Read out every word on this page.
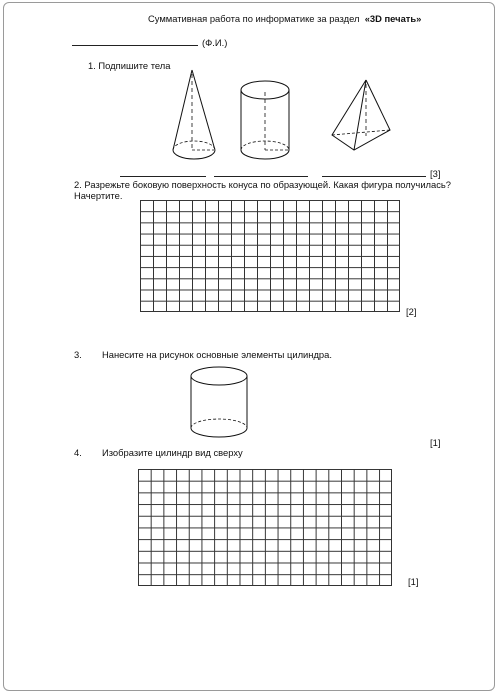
Суммативная работа по информатике за раздел «3D печать»
(Ф.И.)
1. Подпишите тела
[3]
2. Разрежьте боковую поверхность конуса по образующей. Какая фигура получилась?
Начертите.
[2]
3. Нанесите на рисунок основные элементы цилиндра.
[1]
4. Изобразите цилиндр вид сверху
[1]
